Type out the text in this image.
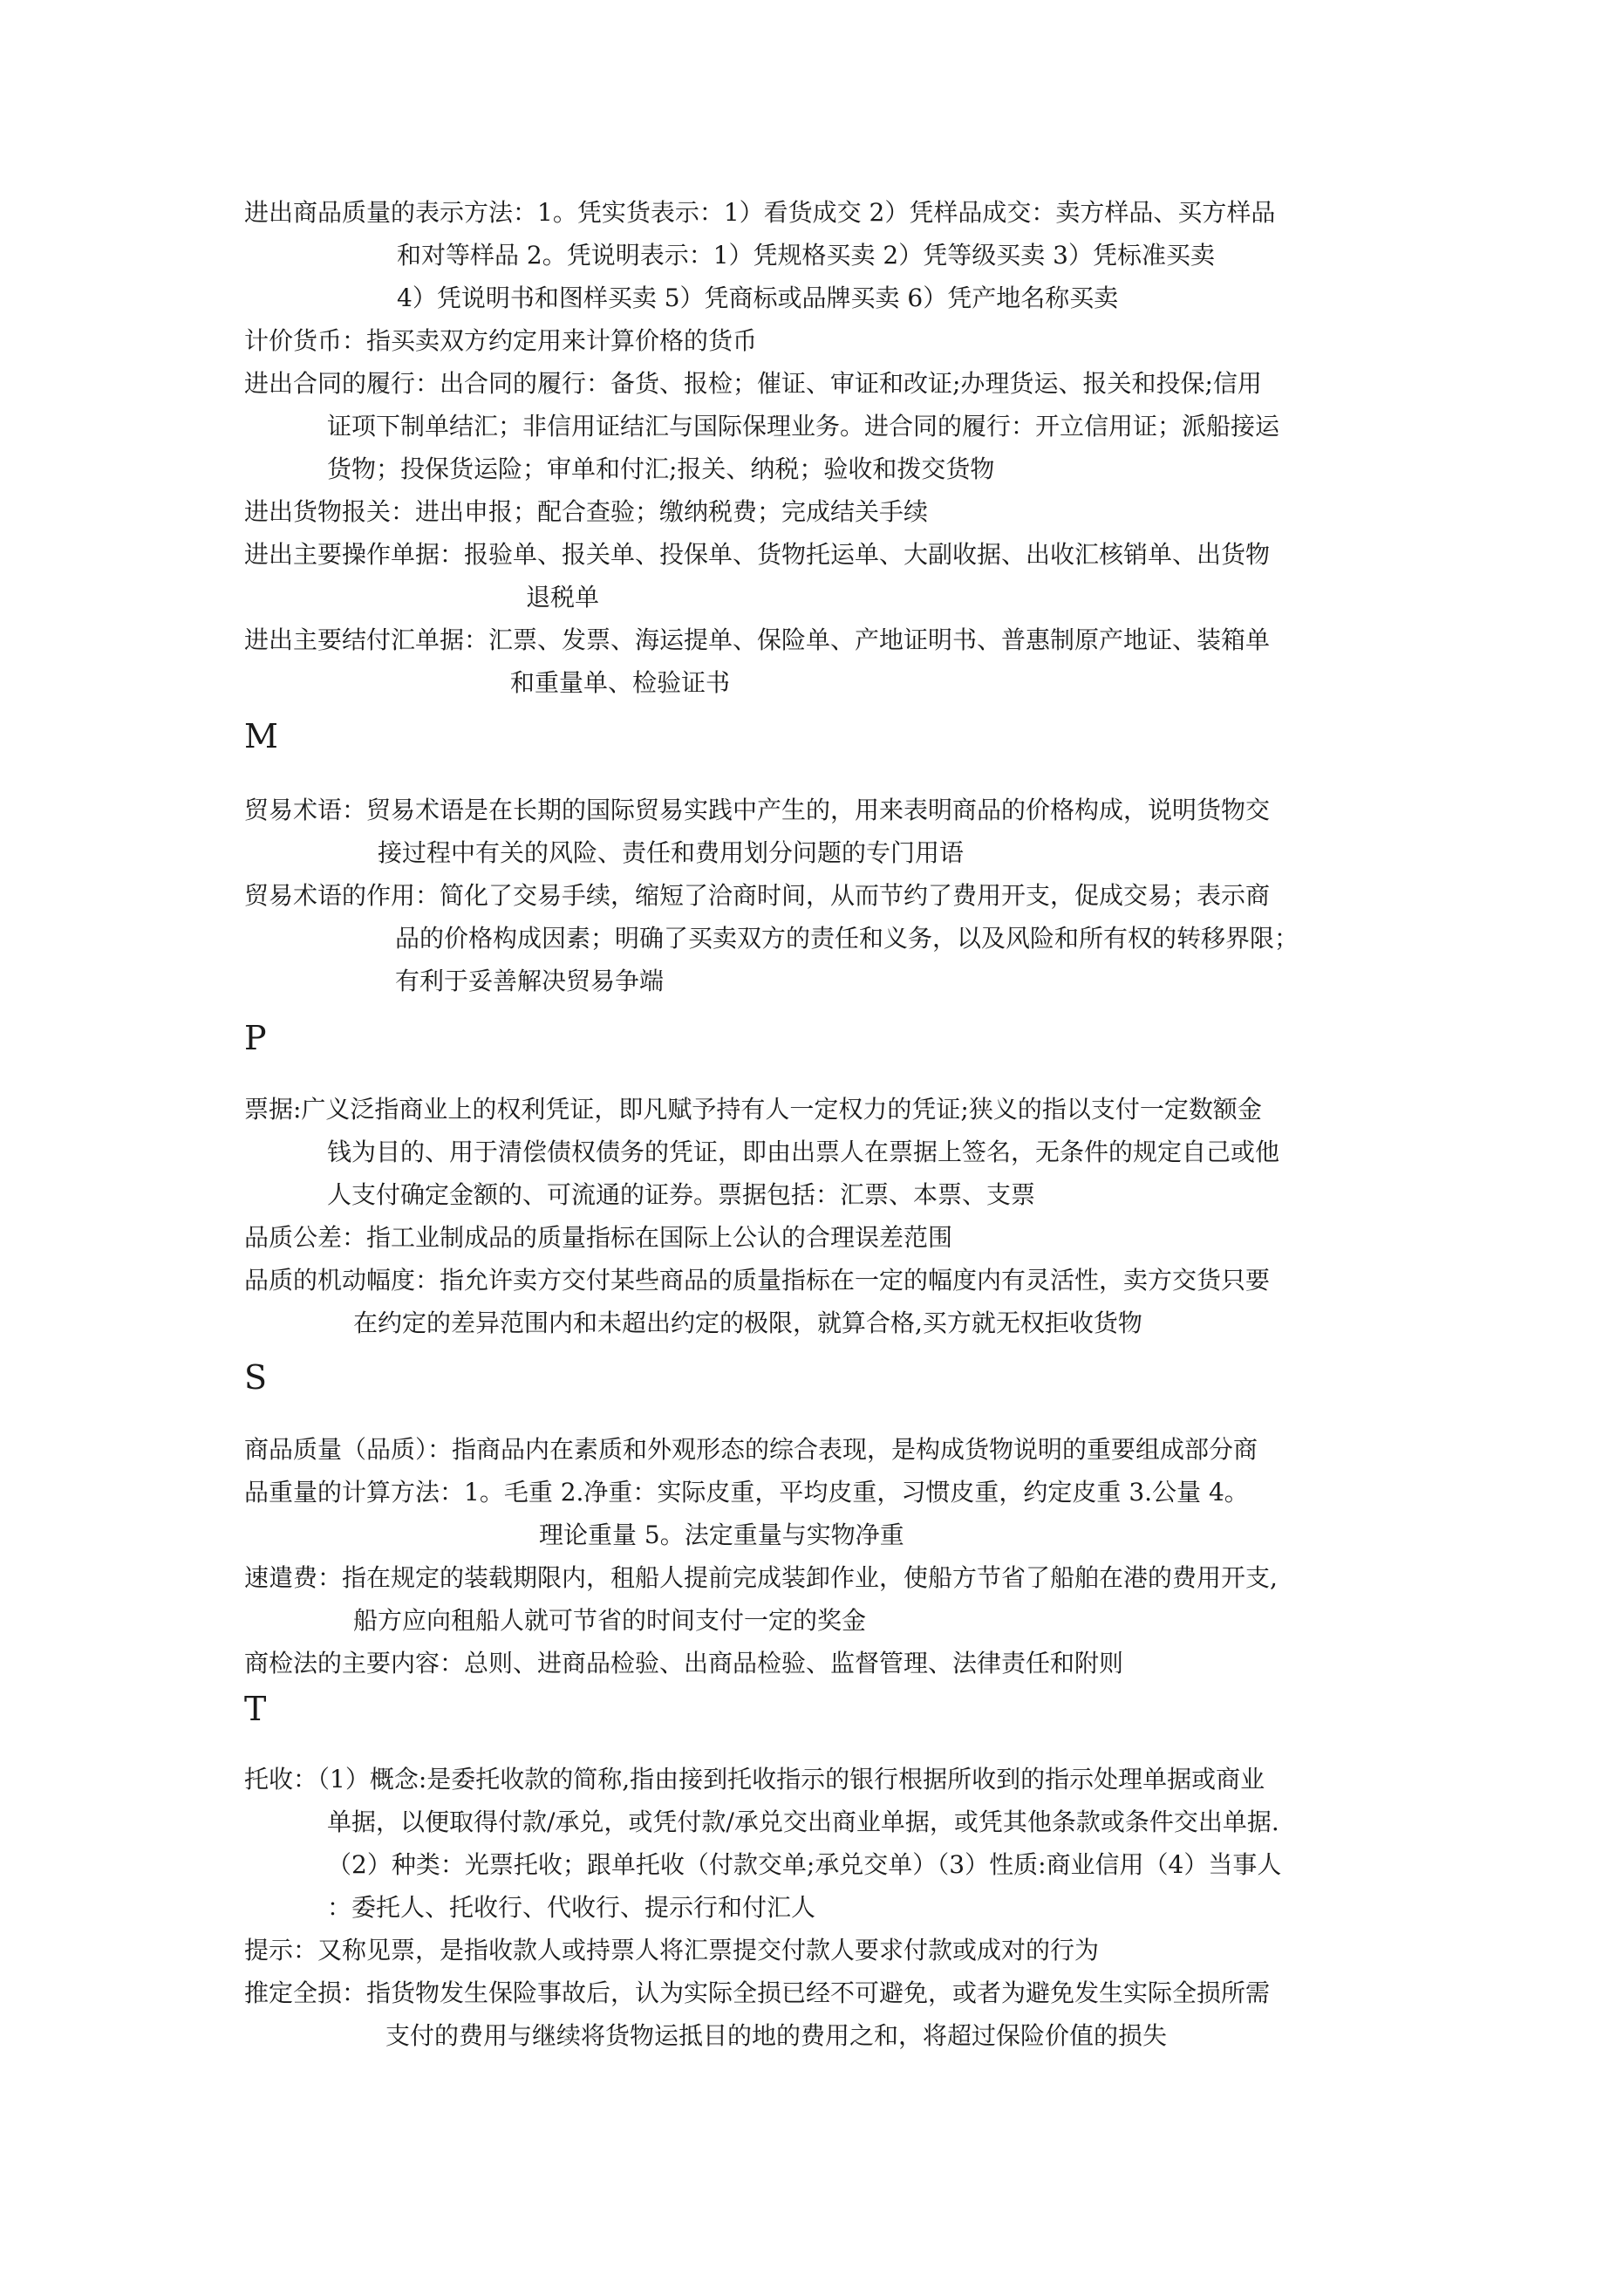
进出商品质量的表示方法：1。凭实货表示：1）看货成交 2）凭样品成交：卖方样品、买方样品
和对等样品 2。凭说明表示：1）凭规格买卖 2）凭等级买卖 3）凭标准买卖
4）凭说明书和图样买卖 5）凭商标或品牌买卖 6）凭产地名称买卖
计价货币：指买卖双方约定用来计算价格的货币
进出合同的履行：出合同的履行：备货、报检；催证、审证和改证;办理货运、报关和投保;信用
证项下制单结汇；非信用证结汇与国际保理业务。进合同的履行：开立信用证；派船接运
货物；投保货运险；审单和付汇;报关、纳税；验收和拨交货物
进出货物报关：进出申报；配合查验；缴纳税费；完成结关手续
进出主要操作单据：报验单、报关单、投保单、货物托运单、大副收据、出收汇核销单、出货物
退税单
进出主要结付汇单据：汇票、发票、海运提单、保险单、产地证明书、普惠制原产地证、装箱单
和重量单、检验证书
M
贸易术语：贸易术语是在长期的国际贸易实践中产生的，用来表明商品的价格构成，说明货物交
接过程中有关的风险、责任和费用划分问题的专门用语
贸易术语的作用：简化了交易手续，缩短了洽商时间，从而节约了费用开支，促成交易；表示商
品的价格构成因素；明确了买卖双方的责任和义务，以及风险和所有权的转移界限；
有利于妥善解决贸易争端
P
票据:广义泛指商业上的权利凭证，即凡赋予持有人一定权力的凭证;狭义的指以支付一定数额金
钱为目的、用于清偿债权债务的凭证，即由出票人在票据上签名，无条件的规定自己或他
人支付确定金额的、可流通的证券。票据包括：汇票、本票、支票
品质公差：指工业制成品的质量指标在国际上公认的合理误差范围
品质的机动幅度：指允许卖方交付某些商品的质量指标在一定的幅度内有灵活性，卖方交货只要
在约定的差异范围内和未超出约定的极限，就算合格,买方就无权拒收货物
S
商品质量（品质）：指商品内在素质和外观形态的综合表现，是构成货物说明的重要组成部分商
品重量的计算方法：1。毛重 2.净重：实际皮重，平均皮重，习惯皮重，约定皮重 3.公量 4。
理论重量 5。法定重量与实物净重
速遣费：指在规定的装载期限内，租船人提前完成装卸作业，使船方节省了船舶在港的费用开支,
船方应向租船人就可节省的时间支付一定的奖金
商检法的主要内容：总则、进商品检验、出商品检验、监督管理、法律责任和附则
T
托收：（1）概念:是委托收款的简称,指由接到托收指示的银行根据所收到的指示处理单据或商业
单据，以便取得付款/承兑，或凭付款/承兑交出商业单据，或凭其他条款或条件交出单据.
（2）种类：光票托收；跟单托收（付款交单;承兑交单）（3）性质:商业信用（4）当事人
：委托人、托收行、代收行、提示行和付汇人
提示：又称见票，是指收款人或持票人将汇票提交付款人要求付款或成对的行为
推定全损：指货物发生保险事故后，认为实际全损已经不可避免，或者为避免发生实际全损所需
支付的费用与继续将货物运抵目的地的费用之和，将超过保险价值的损失
